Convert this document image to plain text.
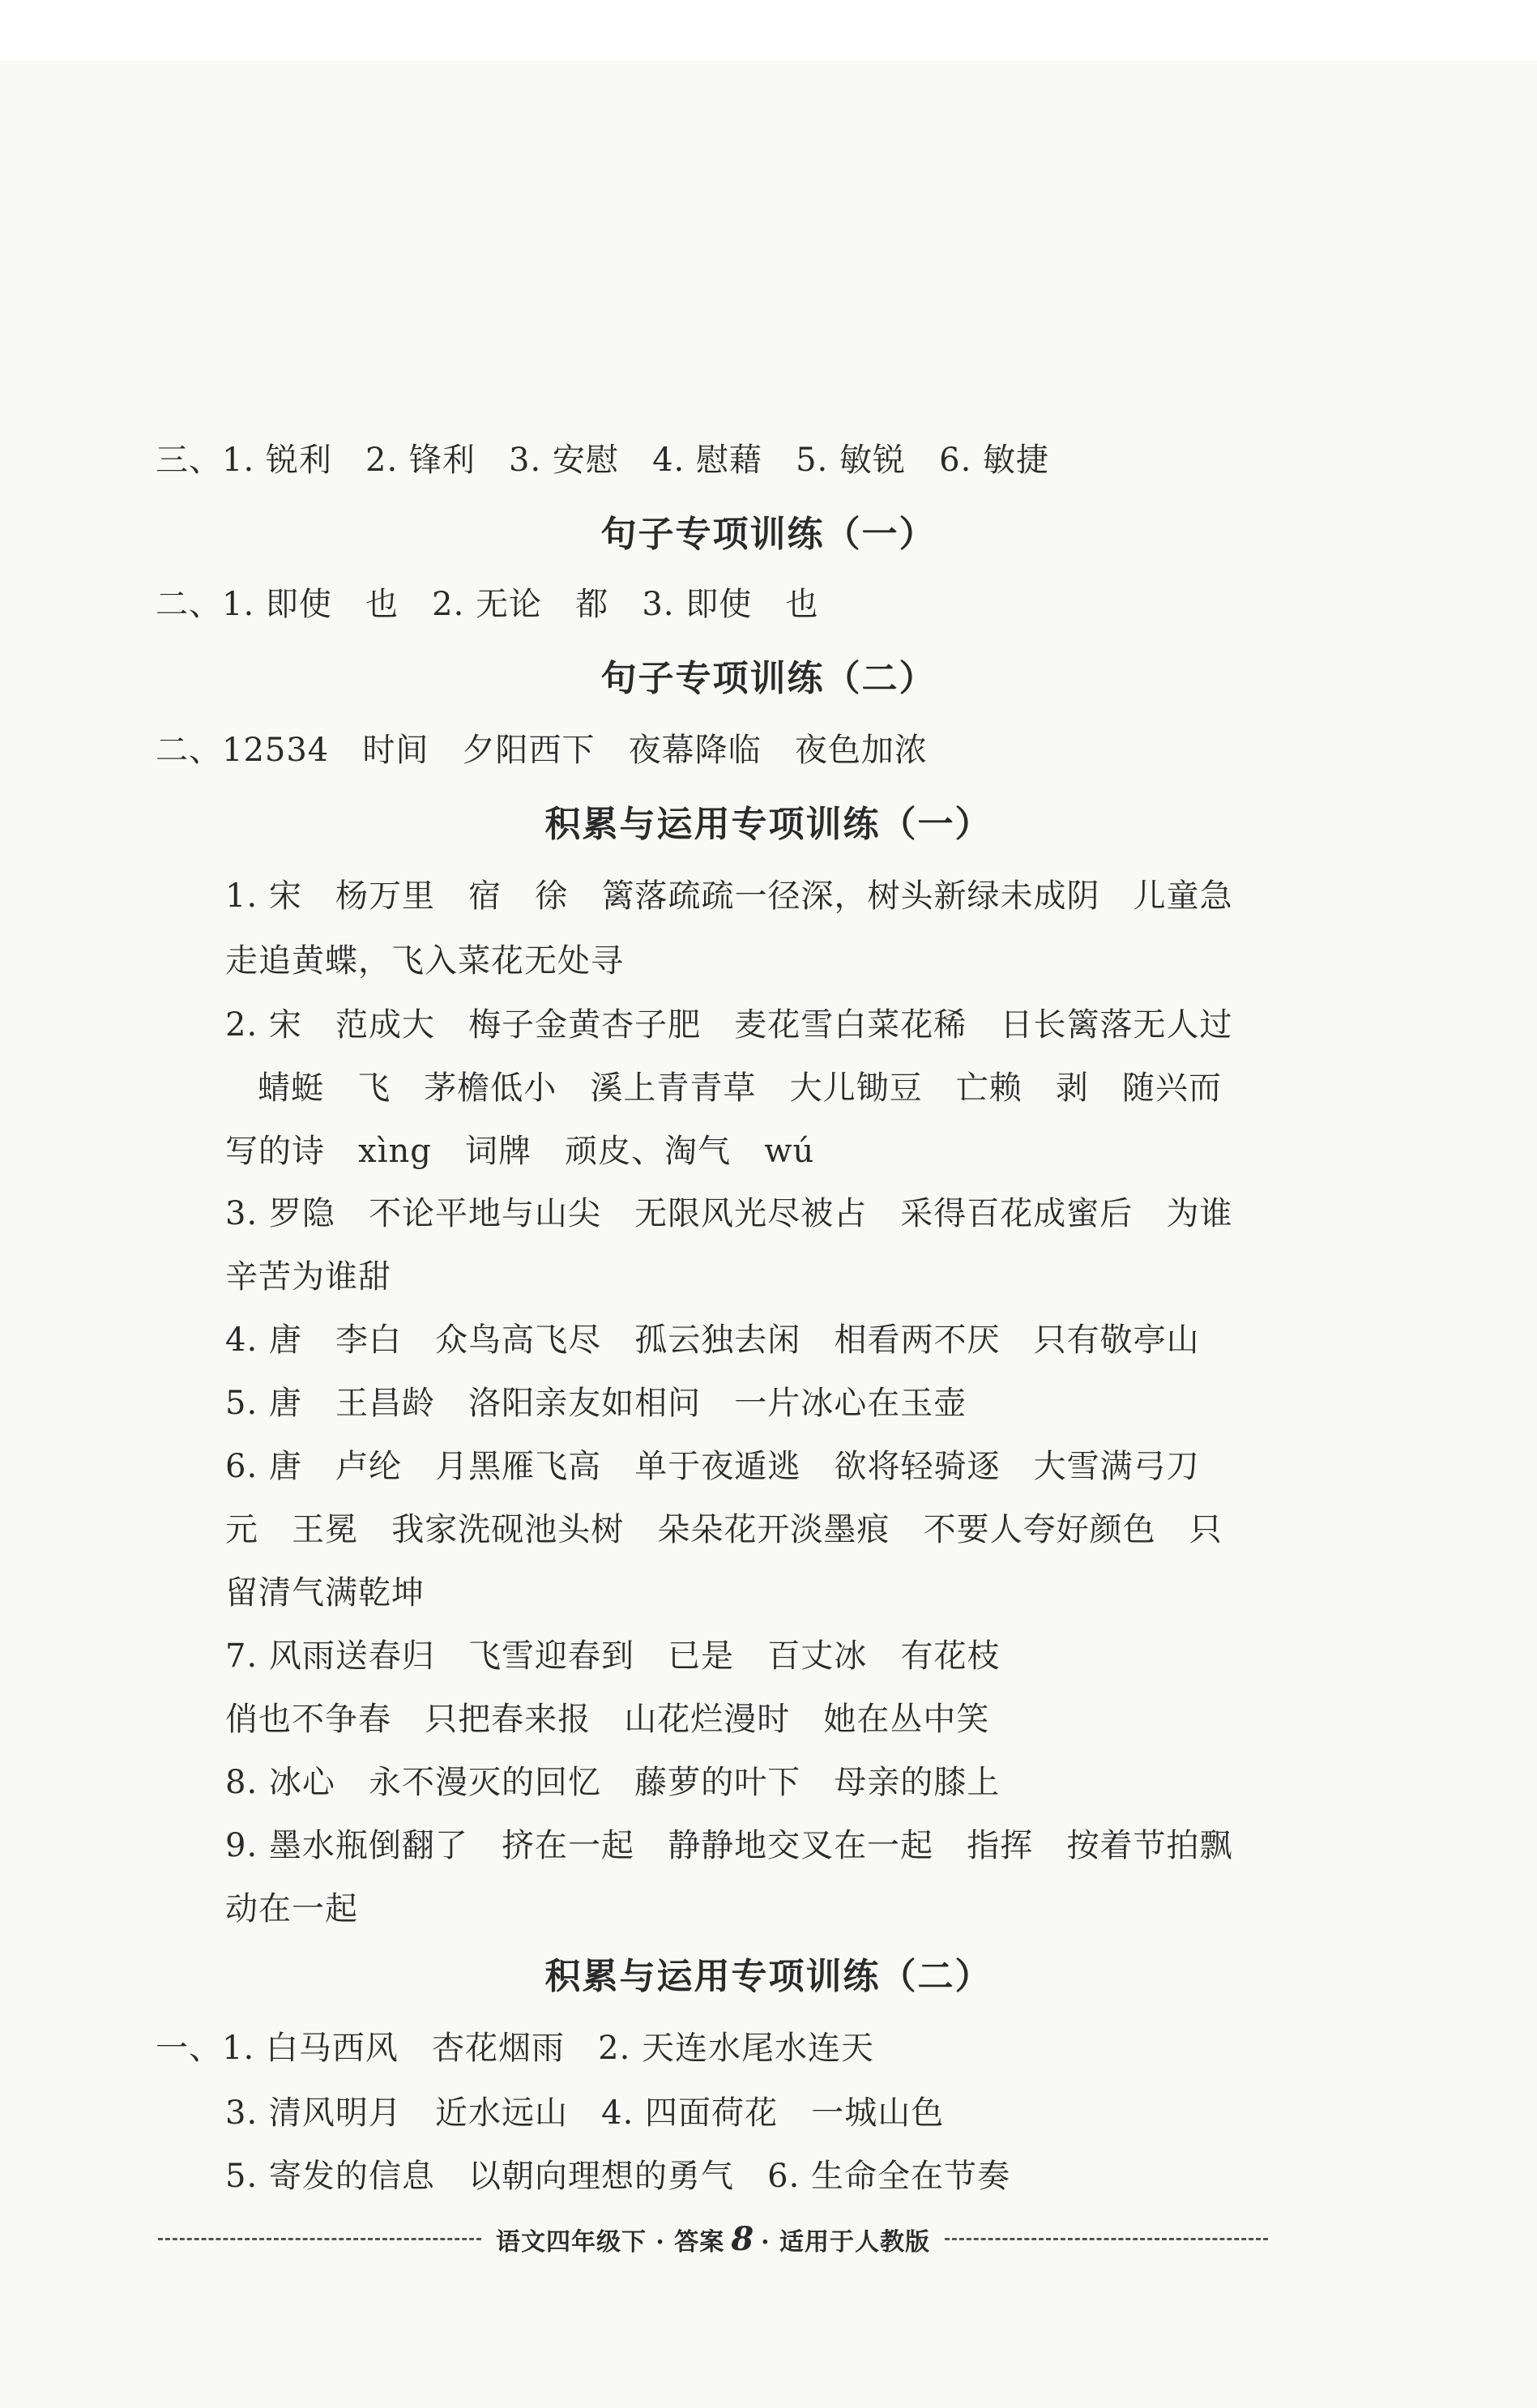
三、1. 锐利   2. 锋利   3. 安慰   4. 慰藉   5. 敏锐   6. 敏捷
句子专项训练（一）
二、1. 即使   也   2. 无论   都   3. 即使   也
句子专项训练（二）
二、12534   时间   夕阳西下   夜幕降临   夜色加浓
积累与运用专项训练（一）
1. 宋   杨万里   宿   徐   篱落疏疏一径深，树头新绿未成阴   儿童急
走追黄蝶，飞入菜花无处寻
2. 宋   范成大   梅子金黄杏子肥   麦花雪白菜花稀   日长篱落无人过
蜻蜓   飞   茅檐低小   溪上青青草   大儿锄豆   亡赖   剥   随兴而
写的诗   xìng   词牌   顽皮、淘气   wú
3. 罗隐   不论平地与山尖   无限风光尽被占   采得百花成蜜后   为谁
辛苦为谁甜
4. 唐   李白   众鸟高飞尽   孤云独去闲   相看两不厌   只有敬亭山
5. 唐   王昌龄   洛阳亲友如相问   一片冰心在玉壶
6. 唐   卢纶   月黑雁飞高   单于夜遁逃   欲将轻骑逐   大雪满弓刀
元   王冕   我家洗砚池头树   朵朵花开淡墨痕   不要人夸好颜色   只
留清气满乾坤
7. 风雨送春归   飞雪迎春到   已是   百丈冰   有花枝
俏也不争春   只把春来报   山花烂漫时   她在丛中笑
8. 冰心   永不漫灭的回忆   藤萝的叶下   母亲的膝上
9. 墨水瓶倒翻了   挤在一起   静静地交叉在一起   指挥   按着节拍飘
动在一起
积累与运用专项训练（二）
一、1. 白马西风   杏花烟雨   2. 天连水尾水连天
3. 清风明月   近水远山   4. 四面荷花   一城山色
5. 寄发的信息   以朝向理想的勇气   6. 生命全在节奏
语文四年级下 · 答案 8 · 适用于人教版
